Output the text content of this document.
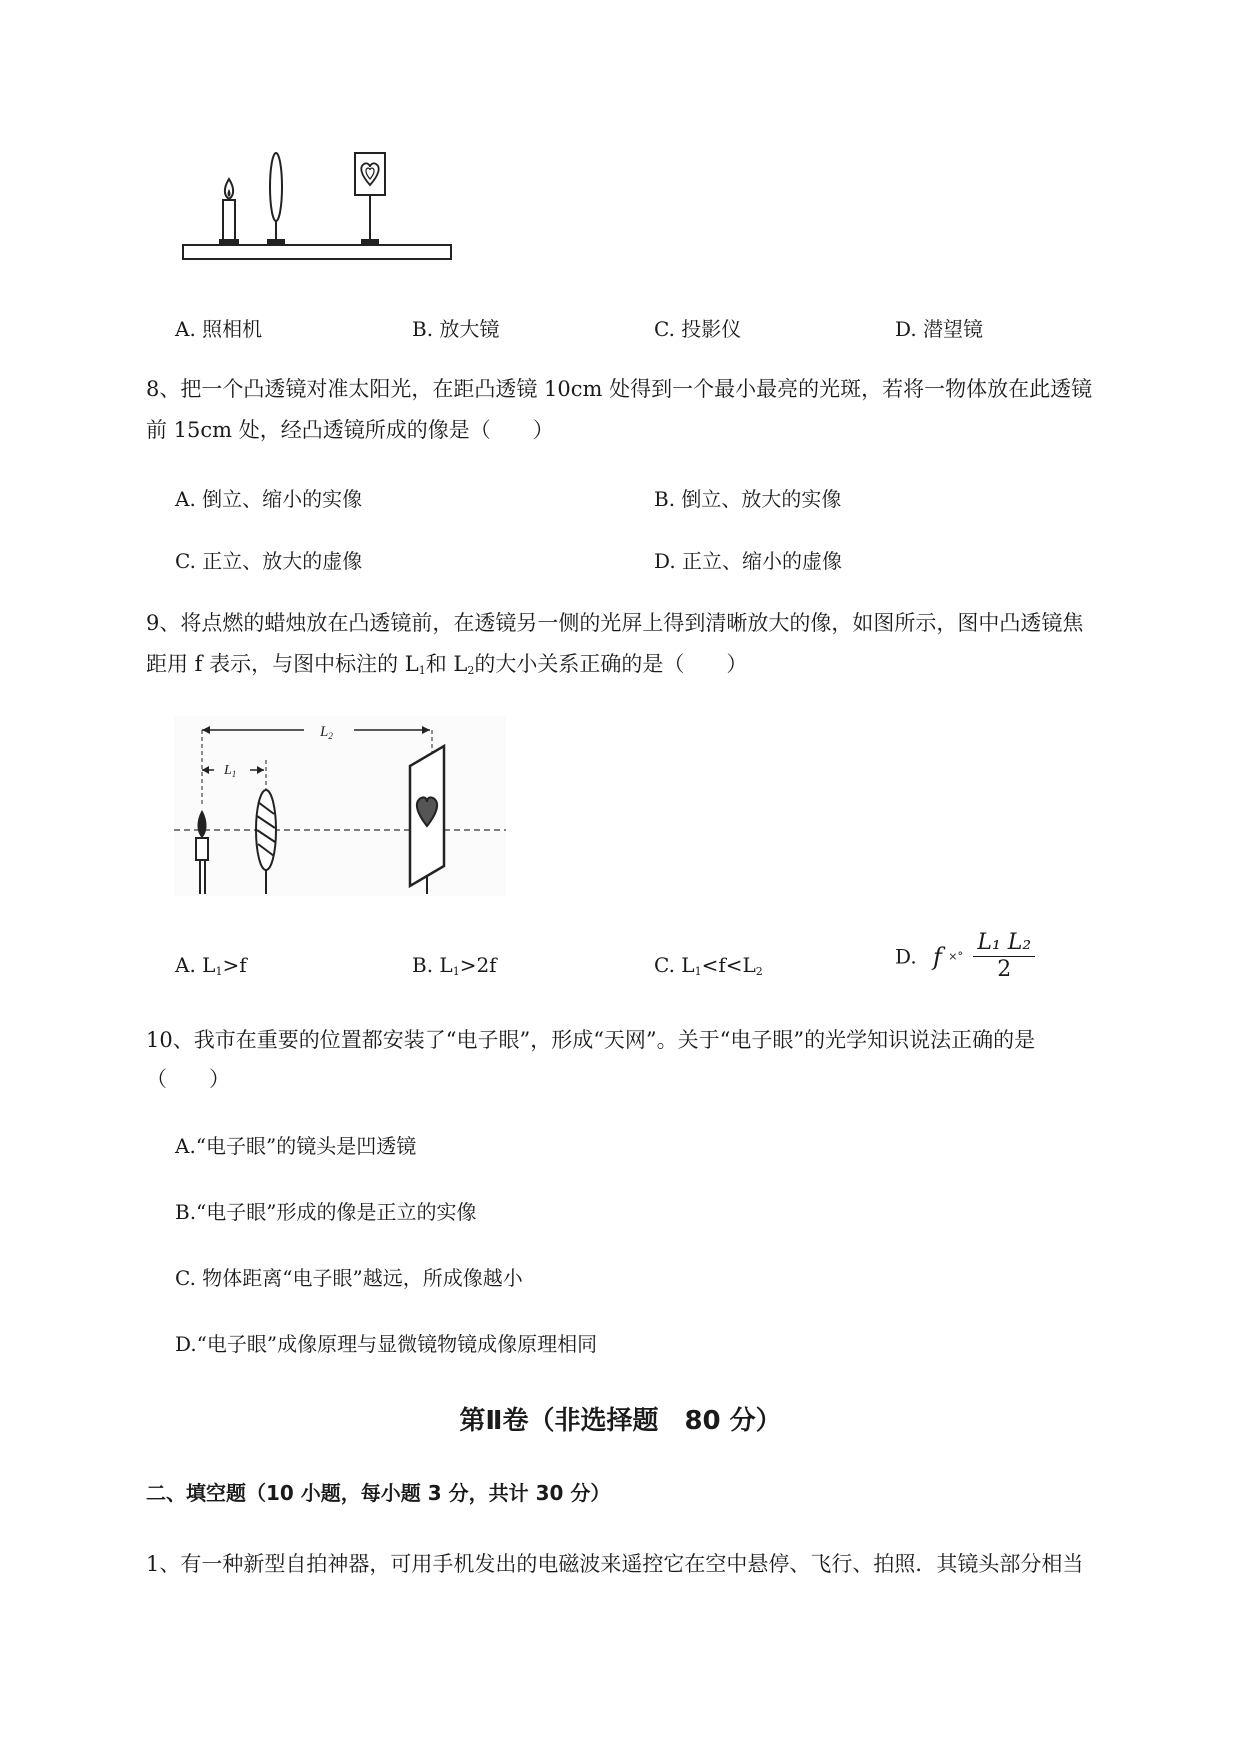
A. 照相机	B. 放大镜	C. 投影仪	D. 潜望镜
8、把一个凸透镜对准太阳光，在距凸透镜 10cm 处得到一个最小最亮的光斑，若将一物体放在此透镜
前 15cm 处，经凸透镜所成的像是（　　）
A. 倒立、缩小的实像	B. 倒立、放大的实像
C. 正立、放大的虚像	D. 正立、缩小的虚像
9、将点燃的蜡烛放在凸透镜前，在透镜另一侧的光屏上得到清晰放大的像，如图所示，图中凸透镜焦
距用 f 表示，与图中标注的 $L_1$和 $L_2$的大小关系正确的是（　　）
$L_2$
$L_1$
A. $L_1>f$	B. $L_1>2f$	C. $L_1<f<L_2$
D. f ×° $\frac{\text{L₁ L₂}}{2}$
10、我市在重要的位置都安装了“电子眼”，形成“天网”。关于“电子眼”的光学知识说法正确的是
（　　）
A.“电子眼”的镜头是凹透镜
B.“电子眼”形成的像是正立的实像
C. 物体距离“电子眼”越远，所成像越小
D.“电子眼”成像原理与显微镜物镜成像原理相同
第Ⅱ卷（非选择题　80 分）
二、填空题（10 小题，每小题 3 分，共计 30 分）
1、有一种新型自拍神器，可用手机发出的电磁波来遥控它在空中悬停、飞行、拍照．其镜头部分相当
